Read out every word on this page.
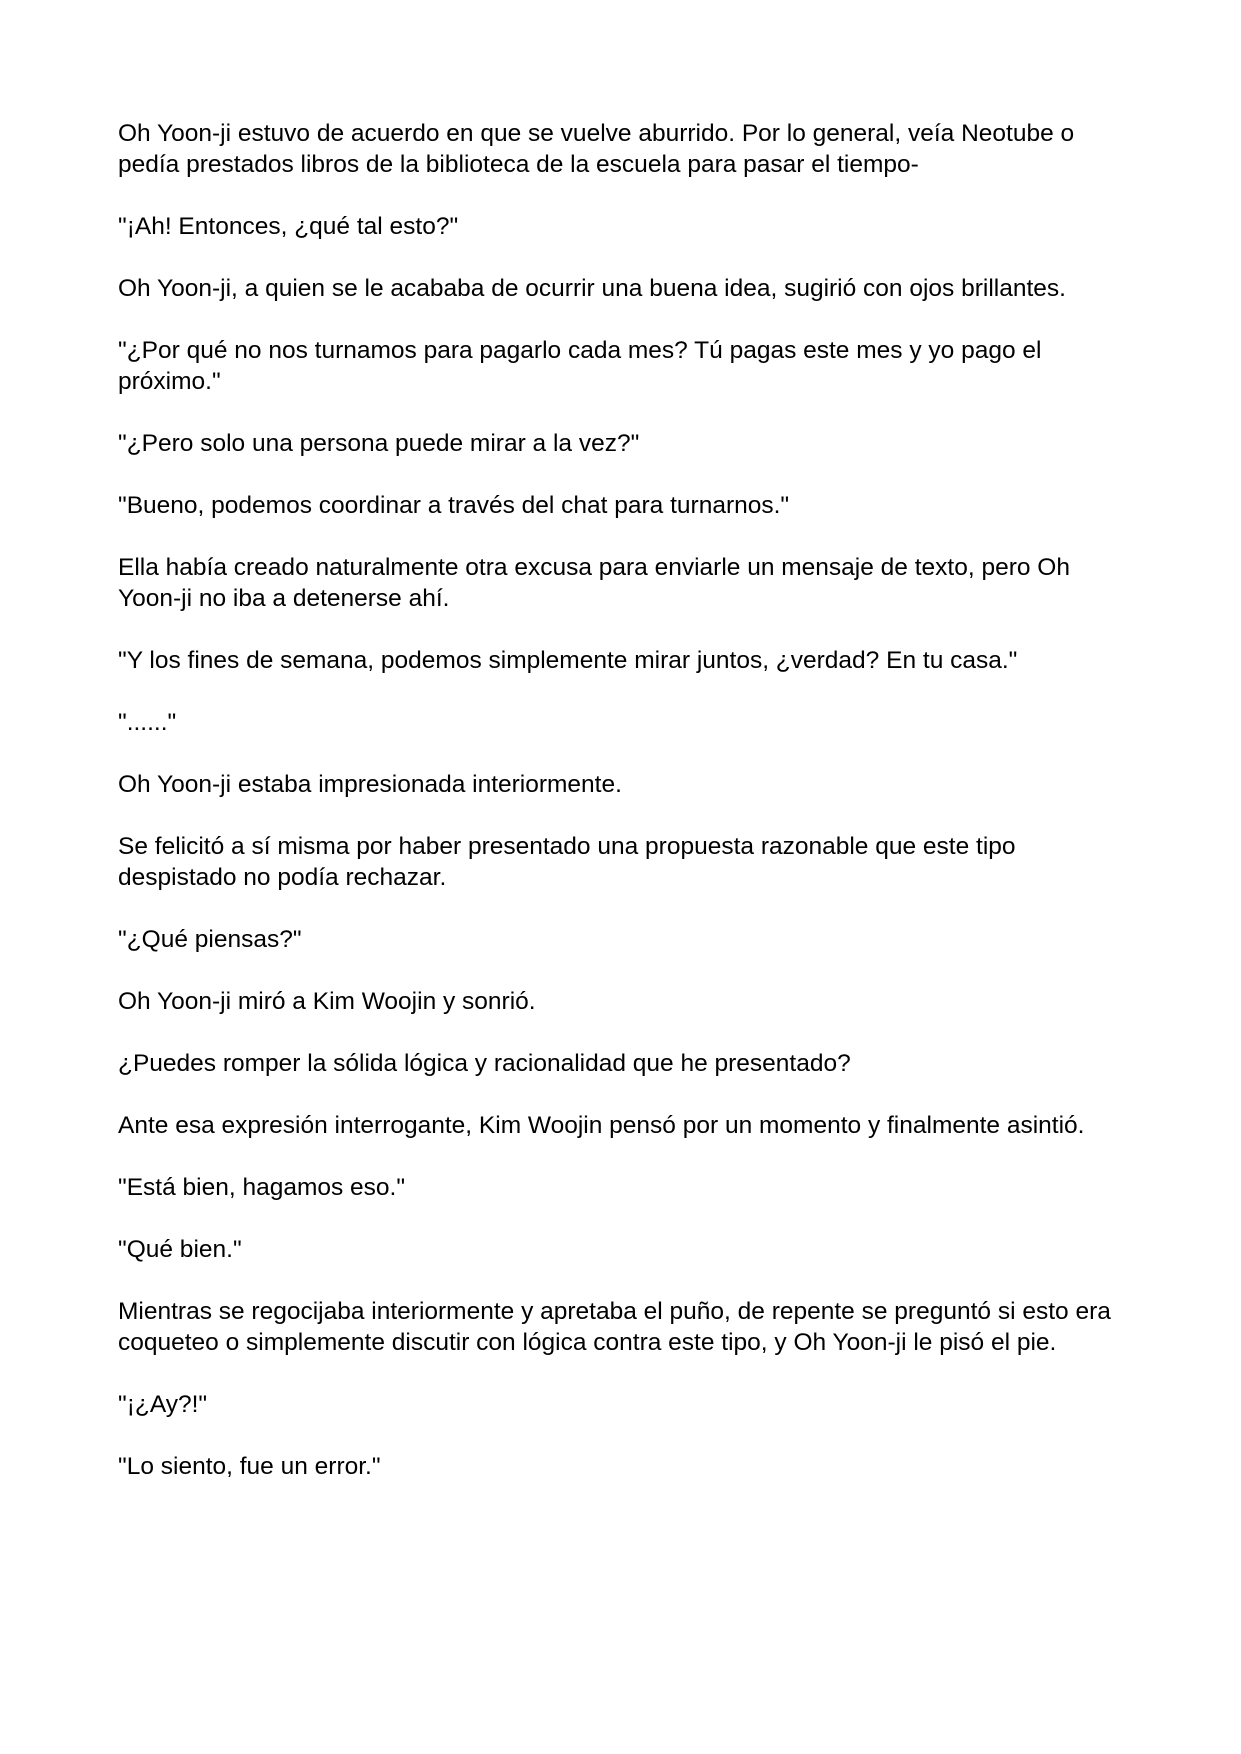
Oh Yoon-ji estuvo de acuerdo en que se vuelve aburrido. Por lo general, veía Neotube o pedía prestados libros de la biblioteca de la escuela para pasar el tiempo-

"¡Ah! Entonces, ¿qué tal esto?"

Oh Yoon-ji, a quien se le acababa de ocurrir una buena idea, sugirió con ojos brillantes.

"¿Por qué no nos turnamos para pagarlo cada mes? Tú pagas este mes y yo pago el próximo."

"¿Pero solo una persona puede mirar a la vez?"

"Bueno, podemos coordinar a través del chat para turnarnos."

Ella había creado naturalmente otra excusa para enviarle un mensaje de texto, pero Oh Yoon-ji no iba a detenerse ahí.

"Y los fines de semana, podemos simplemente mirar juntos, ¿verdad? En tu casa."

"......"

Oh Yoon-ji estaba impresionada interiormente.

Se felicitó a sí misma por haber presentado una propuesta razonable que este tipo despistado no podía rechazar.

"¿Qué piensas?"

Oh Yoon-ji miró a Kim Woojin y sonrió.

¿Puedes romper la sólida lógica y racionalidad que he presentado?

Ante esa expresión interrogante, Kim Woojin pensó por un momento y finalmente asintió.

"Está bien, hagamos eso."

"Qué bien."

Mientras se regocijaba interiormente y apretaba el puño, de repente se preguntó si esto era coqueteo o simplemente discutir con lógica contra este tipo, y Oh Yoon-ji le pisó el pie.

"¡¿Ay?!"

"Lo siento, fue un error."
